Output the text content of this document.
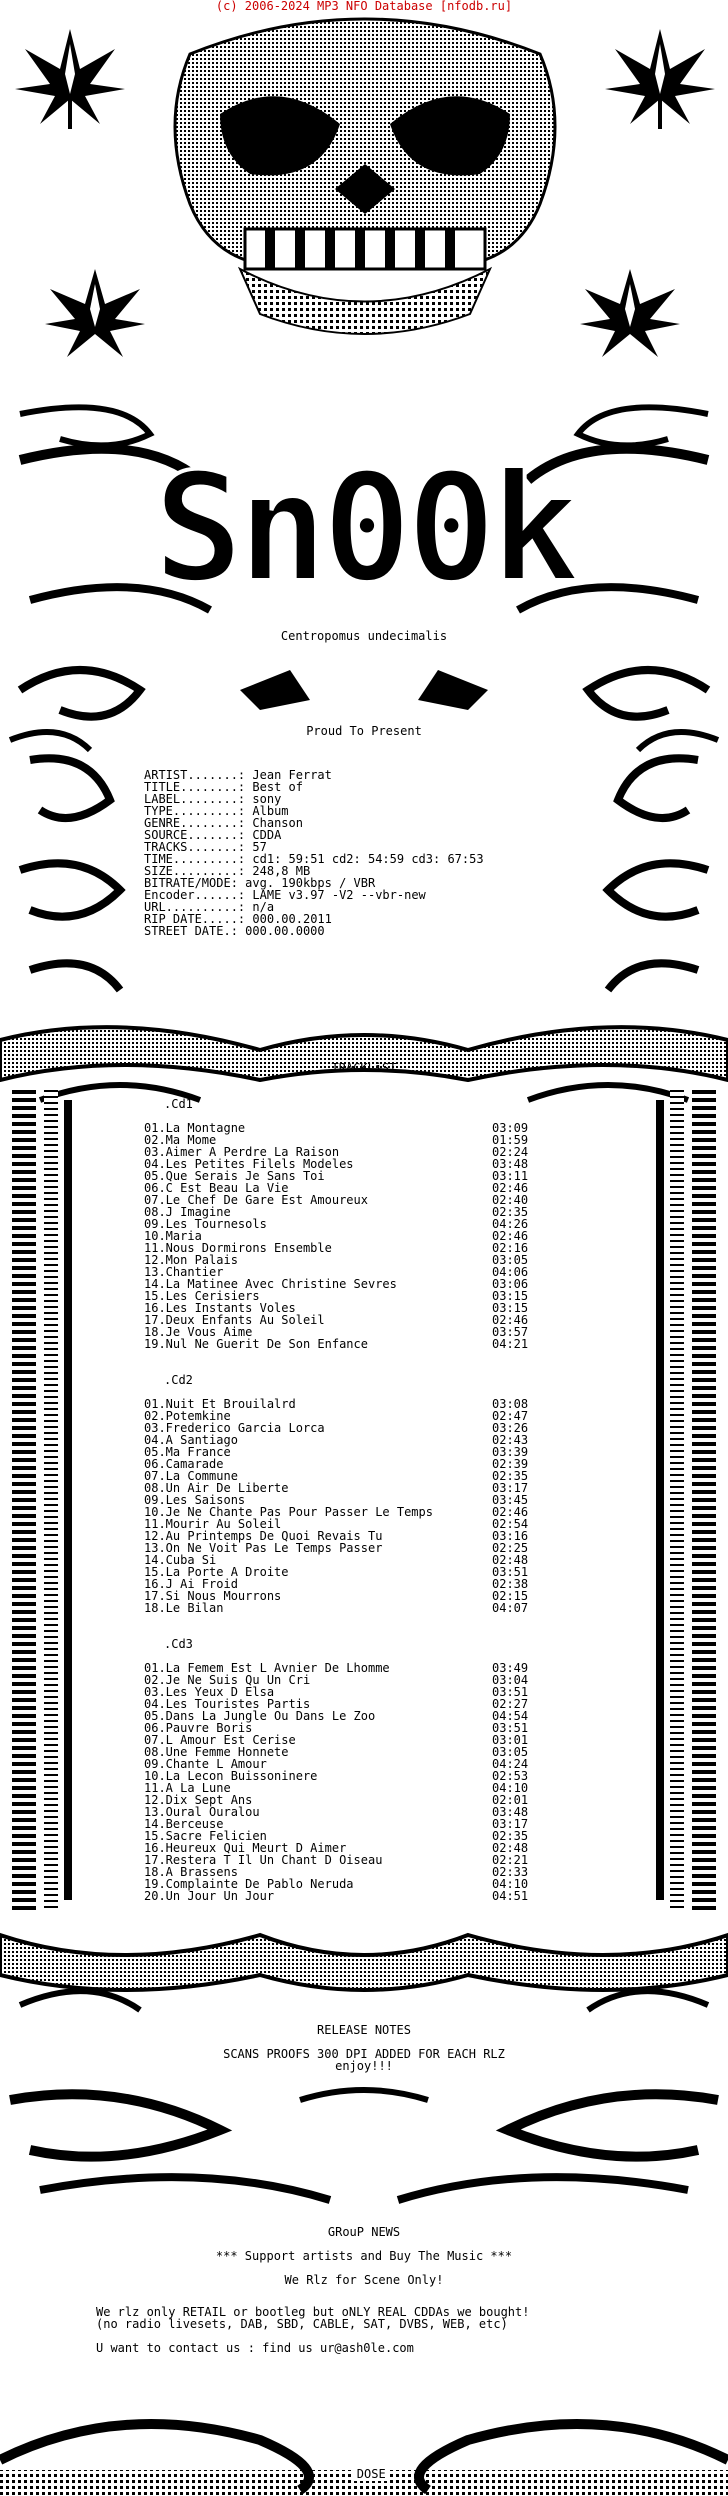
(c) 2006-2024 MP3 NFO Database [nfodb.ru]
Sn00k
Centropomus undecimalis
Proud To Present
ARTIST.......: Jean Ferrat
TITLE........: Best of
LABEL........: sony
TYPE.........: Album
GENRE........: Chanson
SOURCE.......: CDDA
TRACKS.......: 57
TIME.........: cd1: 59:51 cd2: 54:59 cd3: 67:53
SIZE.........: 248,8 MB
BITRATE/MODE: avg. 190kbps / VBR
Encoder......: LAME v3.97 -V2 --vbr-new
URL..........: n/a
RIP DATE.....: 000.00.2011
STREET DATE.: 000.00.0000
TRACKLiST
.Cd1
01.La Montagne	03:09
02.Ma Mome	01:59
03.Aimer A Perdre La Raison	02:24
04.Les Petites Filels Modeles	03:48
05.Que Serais Je Sans Toi	03:11
06.C Est Beau La Vie	02:46
07.Le Chef De Gare Est Amoureux	02:40
08.J Imagine	02:35
09.Les Tournesols	04:26
10.Maria	02:46
11.Nous Dormirons Ensemble	02:16
12.Mon Palais	03:05
13.Chantier	04:06
14.La Matinee Avec Christine Sevres	03:06
15.Les Cerisiers	03:15
16.Les Instants Voles	03:15
17.Deux Enfants Au Soleil	02:46
18.Je Vous Aime	03:57
19.Nul Ne Guerit De Son Enfance	04:21
.Cd2
01.Nuit Et Brouilalrd	03:08
02.Potemkine	02:47
03.Frederico Garcia Lorca	03:26
04.A Santiago	02:43
05.Ma France	03:39
06.Camarade	02:39
07.La Commune	02:35
08.Un Air De Liberte	03:17
09.Les Saisons	03:45
10.Je Ne Chante Pas Pour Passer Le Temps	02:46
11.Mourir Au Soleil	02:54
12.Au Printemps De Quoi Revais Tu	03:16
13.On Ne Voit Pas Le Temps Passer	02:25
14.Cuba Si	02:48
15.La Porte A Droite	03:51
16.J Ai Froid	02:38
17.Si Nous Mourrons	02:15
18.Le Bilan	04:07
.Cd3
01.La Femem Est L Avnier De Lhomme	03:49
02.Je Ne Suis Qu Un Cri	03:04
03.Les Yeux D Elsa	03:51
04.Les Touristes Partis	02:27
05.Dans La Jungle Ou Dans Le Zoo	04:54
06.Pauvre Boris	03:51
07.L Amour Est Cerise	03:01
08.Une Femme Honnete	03:05
09.Chante L Amour	04:24
10.La Lecon Buissoninere	02:53
11.A La Lune	04:10
12.Dix Sept Ans	02:01
13.Oural Ouralou	03:48
14.Berceuse	03:17
15.Sacre Felicien	02:35
16.Heureux Qui Meurt D Aimer	02:48
17.Restera T Il Un Chant D Oiseau	02:21
18.A Brassens	02:33
19.Complainte De Pablo Neruda	04:10
20.Un Jour Un Jour	04:51
RELEASE NOTES
SCANS PROOFS 300 DPI ADDED FOR EACH RLZ
enjoy!!!
GRouP NEWS
*** Support artists and Buy The Music ***
We Rlz for Scene Only!
We rlz only RETAIL or bootleg but oNLY REAL CDDAs we bought!
(no radio livesets, DAB, SBD, CABLE, SAT, DVBS, WEB, etc)
U want to contact us : find us ur@ash0le.com

DOSE
